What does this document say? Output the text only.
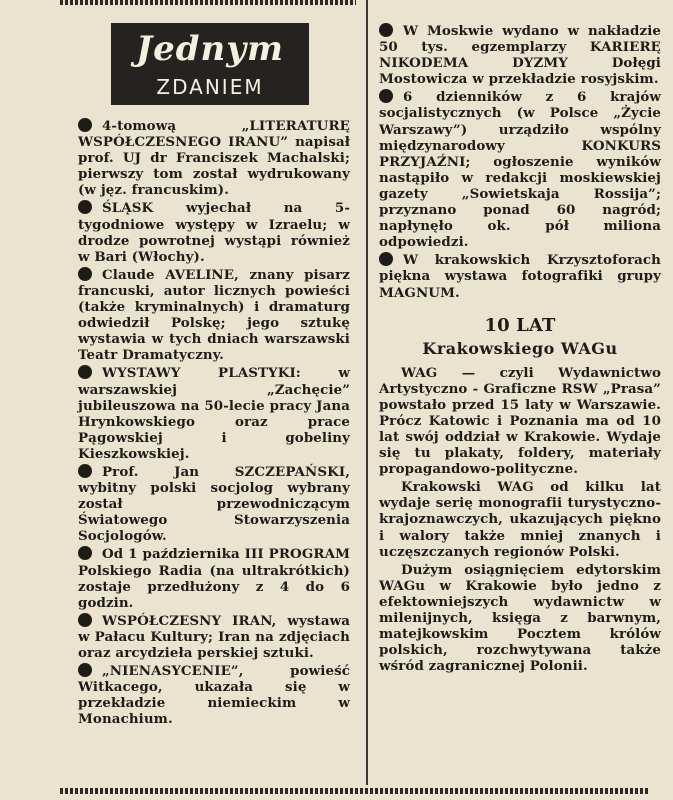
Jednym
ZDANIEM

4-tomową „LITERATURĘ WSPÓŁCZESNEGO IRANU” napisał prof. UJ dr Franciszek Machalski; pierwszy tom został wydrukowany (w jęz. francuskim).

ŚLĄSK wyjechał na 5-tygodniowe występy w Izraelu; w drodze powrotnej wystąpi również w Bari (Włochy).

Claude AVELINE, znany pisarz francuski, autor licznych powieści (także kryminalnych) i dramaturg odwiedził Polskę; jego sztukę wystawia w tych dniach warszawski Teatr Dramatyczny.

WYSTAWY PLASTYKI: w warszawskiej „Zachęcie” jubileuszowa na 50-lecie pracy Jana Hrynkowskiego oraz prace Pągowskiej i gobeliny Kieszkowskiej.

Prof. Jan SZCZEPAŃSKI, wybitny polski socjolog wybrany został przewodniczącym Światowego Stowarzyszenia Socjologów.

Od 1 października III PROGRAM Polskiego Radia (na ultrakrótkich) zostaje przedłużony z 4 do 6 godzin.

WSPÓŁCZESNY IRAN, wystawa w Pałacu Kultury; Iran na zdjęciach oraz arcydzieła perskiej sztuki.

„NIENASYCENIE”, powieść Witkacego, ukazała się w przekładzie niemieckim w Monachium.

W Moskwie wydano w nakładzie 50 tys. egzemplarzy KARIERĘ NIKODEMA DYZMY Dołęgi Mostowicza w przekładzie rosyjskim.

6 dzienników z 6 krajów socjalistycznych (w Polsce „Życie Warszawy”) urządziło wspólny międzynarodowy KONKURS PRZYJAŹNI; ogłoszenie wyników nastąpiło w redakcji moskiewskiej gazety „Sowietskaja Rossija”; przyznano ponad 60 nagród; napłynęło ok. pół miliona odpowiedzi.

W krakowskich Krzysztoforach piękna wystawa fotografiki grupy MAGNUM.

10 LAT
Krakowskiego WAGu

WAG — czyli Wydawnictwo Artystyczno - Graficzne RSW „Prasa” powstało przed 15 laty w Warszawie. Prócz Katowic i Poznania ma od 10 lat swój oddział w Krakowie. Wydaje się tu plakaty, foldery, materiały propagandowo-polityczne.

Krakowski WAG od kilku lat wydaje serię monografii turystyczno-krajoznawczych, ukazujących piękno i walory także mniej znanych i uczęszczanych regionów Polski.

Dużym osiągnięciem edytorskim WAGu w Krakowie było jedno z efektowniejszych wydawnictw w milenijnych, księga z barwnym, matejkowskim Pocztem królów polskich, rozchwytywana także wśród zagranicznej Polonii.
